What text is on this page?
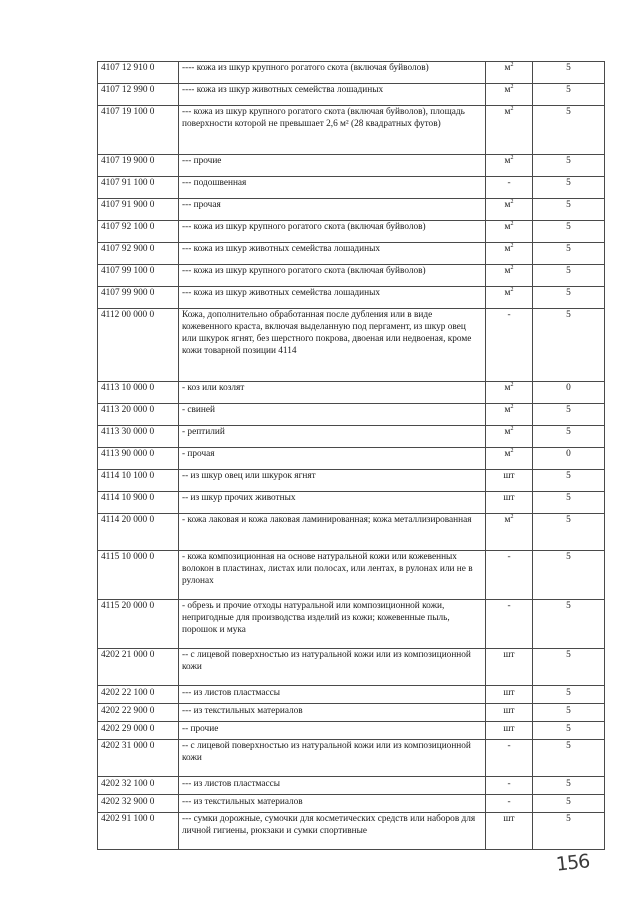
4107 12 910 0	---- кожа из шкур крупного рогатого скота (включая буйволов)	$м^2$	5
4107 12 990 0	---- кожа из шкур животных семейства лошадиных	$м^2$	5
4107 19 100 0	--- кожа из шкур крупного рогатого скота (включая буйволов), площадь поверхности которой не превышает 2,6 м² (28 квадратных футов)	$м^2$	5
4107 19 900 0	--- прочие	$м^2$	5
4107 91 100 0	--- подошвенная	-	5
4107 91 900 0	--- прочая	$м^2$	5
4107 92 100 0	--- кожа из шкур крупного рогатого скота (включая буйволов)	$м^2$	5
4107 92 900 0	--- кожа из шкур животных семейства лошадиных	$м^2$	5
4107 99 100 0	--- кожа из шкур крупного рогатого скота (включая буйволов)	$м^2$	5
4107 99 900 0	--- кожа из шкур животных семейства лошадиных	$м^2$	5
4112 00 000 0	Кожа, дополнительно обработанная после дубления или в виде кожевенного краста, включая выделанную под пергамент, из шкур овец или шкурок ягнят, без шерстного покрова, двоеная или недвоеная, кроме кожи товарной позиции 4114	-	5
4113 10 000 0	- коз или козлят	$м^2$	0
4113 20 000 0	- свиней	$м^2$	5
4113 30 000 0	- рептилий	$м^2$	5
4113 90 000 0	- прочая	$м^2$	0
4114 10 100 0	-- из шкур овец или шкурок ягнят	шт	5
4114 10 900 0	-- из шкур прочих животных	шт	5
4114 20 000 0	- кожа лаковая и кожа лаковая ламинированная; кожа металлизированная	$м^2$	5
4115 10 000 0	- кожа композиционная на основе натуральной кожи или кожевенных волокон в пластинах, листах или полосах, или лентах, в рулонах или не в рулонах	-	5
4115 20 000 0	- обрезь и прочие отходы натуральной или композиционной кожи, непригодные для производства изделий из кожи; кожевенные пыль, порошок и мука	-	5
4202 21 000 0	-- с лицевой поверхностью из натуральной кожи или из композиционной кожи	шт	5
4202 22 100 0	--- из листов пластмассы	шт	5
4202 22 900 0	--- из текстильных материалов	шт	5
4202 29 000 0	-- прочие	шт	5
4202 31 000 0	-- с лицевой поверхностью из натуральной кожи или из композиционной кожи	-	5
4202 32 100 0	--- из листов пластмассы	-	5
4202 32 900 0	--- из текстильных материалов	-	5
4202 91 100 0	--- сумки дорожные, сумочки для косметических средств или наборов для личной гигиены, рюкзаки и сумки спортивные	шт	5
156
